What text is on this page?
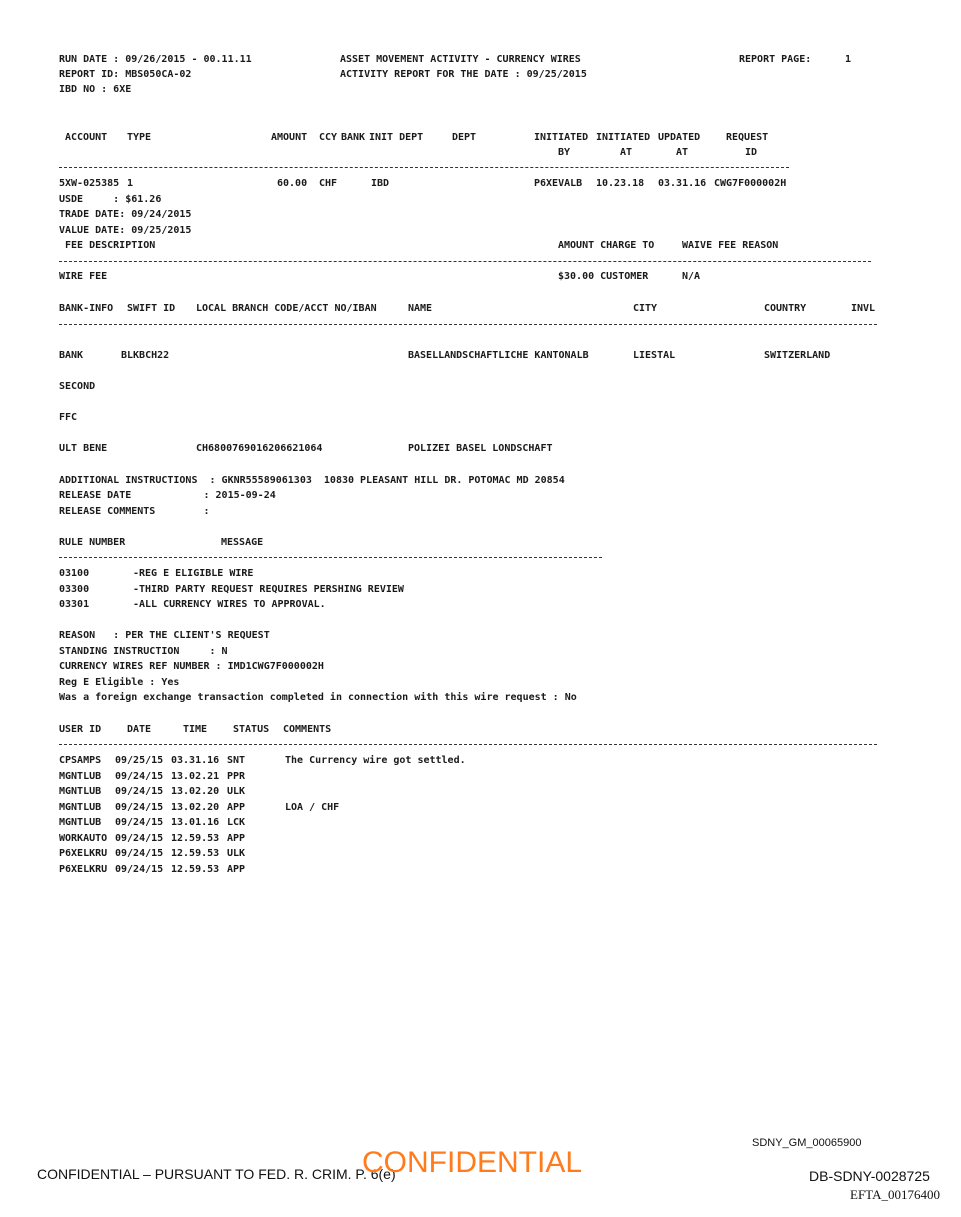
RUN DATE : 09/26/2015 - 00.11.11	ASSET MOVEMENT ACTIVITY - CURRENCY WIRES	REPORT PAGE:	1
REPORT ID: MBS050CA-02	ACTIVITY REPORT FOR THE DATE : 09/25/2015
IBD NO : 6XE
ACCOUNT TYPE	AMOUNT CCY BANK INIT DEPT	DEPT	INITIATED INITIATED UPDATED	REQUEST
BY	AT	AT	ID
5XW-025385 1	60.00 CHF	IBD	P6XEVALB 10.23.18 03.31.16 CWG7F000002H
USDE     : $61.26
TRADE DATE: 09/24/2015
VALUE DATE: 09/25/2015
FEE DESCRIPTION	AMOUNT CHARGE TO	WAIVE FEE REASON
WIRE FEE	$30.00 CUSTOMER	N/A
BANK-INFO SWIFT ID LOCAL BRANCH CODE/ACCT NO/IBAN	NAME	CITY	COUNTRY	INVL
BANK	BLKBCH22	BASELLANDSCHAFTLICHE KANTONALB	LIESTAL	SWITZERLAND
SECOND
FFC
ULT BENE	CH6800769016206621064	POLIZEI BASEL LONDSCHAFT
ADDITIONAL INSTRUCTIONS  : GKNR55589061303  10830 PLEASANT HILL DR. POTOMAC MD 20854
RELEASE DATE            : 2015-09-24
RELEASE COMMENTS        :
RULE NUMBER	MESSAGE
03100	-REG E ELIGIBLE WIRE
03300	-THIRD PARTY REQUEST REQUIRES PERSHING REVIEW
03301	-ALL CURRENCY WIRES TO APPROVAL.
REASON   : PER THE CLIENT'S REQUEST
STANDING INSTRUCTION     : N
CURRENCY WIRES REF NUMBER : IMD1CWG7F000002H
Reg E Eligible : Yes
Was a foreign exchange transaction completed in connection with this wire request : No
USER ID	DATE	TIME	STATUS COMMENTS
CPSAMPS 09/25/15 03.31.16 SNT	The Currency wire got settled.
MGNTLUB 09/24/15 13.02.21 PPR
MGNTLUB 09/24/15 13.02.20 ULK
MGNTLUB 09/24/15 13.02.20 APP	LOA / CHF
MGNTLUB 09/24/15 13.01.16 LCK
WORKAUTO 09/24/15 12.59.53 APP
P6XELKRU 09/24/15 12.59.53 ULK
P6XELKRU 09/24/15 12.59.53 APP
SDNY_GM_00065900
CONFIDENTIAL – PURSUANT TO FED. R. CRIM. P. 6(e)
CONFIDENTIAL	DB-SDNY-0028725
EFTA_00176400
